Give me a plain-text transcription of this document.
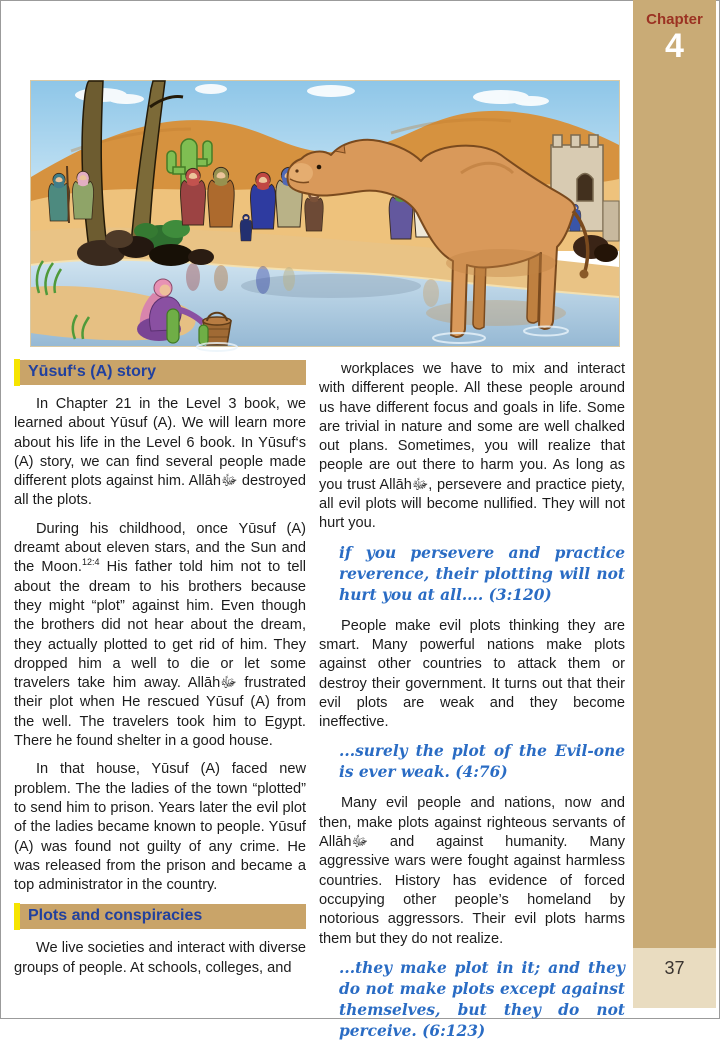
Chapter
4
37
Yūsuf‘s (A) story

In Chapter 21 in the Level 3 book, we learned about Yūsuf (A). We will learn more about his life in the Level 6 book. In Yūsuf‘s (A) story, we can find several people made different plots against him. Allāhﷻ destroyed all the plots.

During his childhood, once Yūsuf (A) dreamt about eleven stars, and the Sun and the Moon.$^{12:4}$ His father told him not to tell about the dream to his brothers because they might “plot” against him. Even though the brothers did not hear about the dream, they actually plotted to get rid of him. They dropped him a well to die or let some travelers take him away. Allāhﷻ frustrated their plot when He rescued Yūsuf (A) from the well. The travelers took him to Egypt. There he found shelter in a good house.

In that house, Yūsuf (A) faced new problem. The the ladies of the town “plotted” to send him to prison. Years later the evil plot of the ladies became known to people. Yūsuf (A) was found not guilty of any crime. He was released from the prison and became a top administrator in the country.

Plots and conspiracies

We live societies and interact with diverse groups of people. At schools, colleges, and

workplaces we have to mix and interact with different people. All these people around us have different focus and goals in life. Some are trivial in nature and some are well chalked out plans. Sometimes, you will realize that people are out there to harm you. As long as you trust Allāhﷻ, persevere and practice piety, all evil plots will become nullified. They will not hurt you.

if you persevere and practice reverence, their plotting will not hurt you at all.... (3:120)

People make evil plots thinking they are smart. Many powerful nations make plots against other countries to attack them or destroy their government. It turns out that their evil plots are weak and they become ineffective.

...surely the plot of the Evil-one is ever weak. (4:76)

Many evil people and nations, now and then, make plots against righteous servants of Allāhﷻ and against humanity. Many aggressive wars were fought against harmless countries. History has evidence of forced occupying other people’s homeland by notorious aggressors. Their evil plots harms them but they do not realize.

...they make plot in it; and they do not make plots except against themselves, but they do not perceive. (6:123)
